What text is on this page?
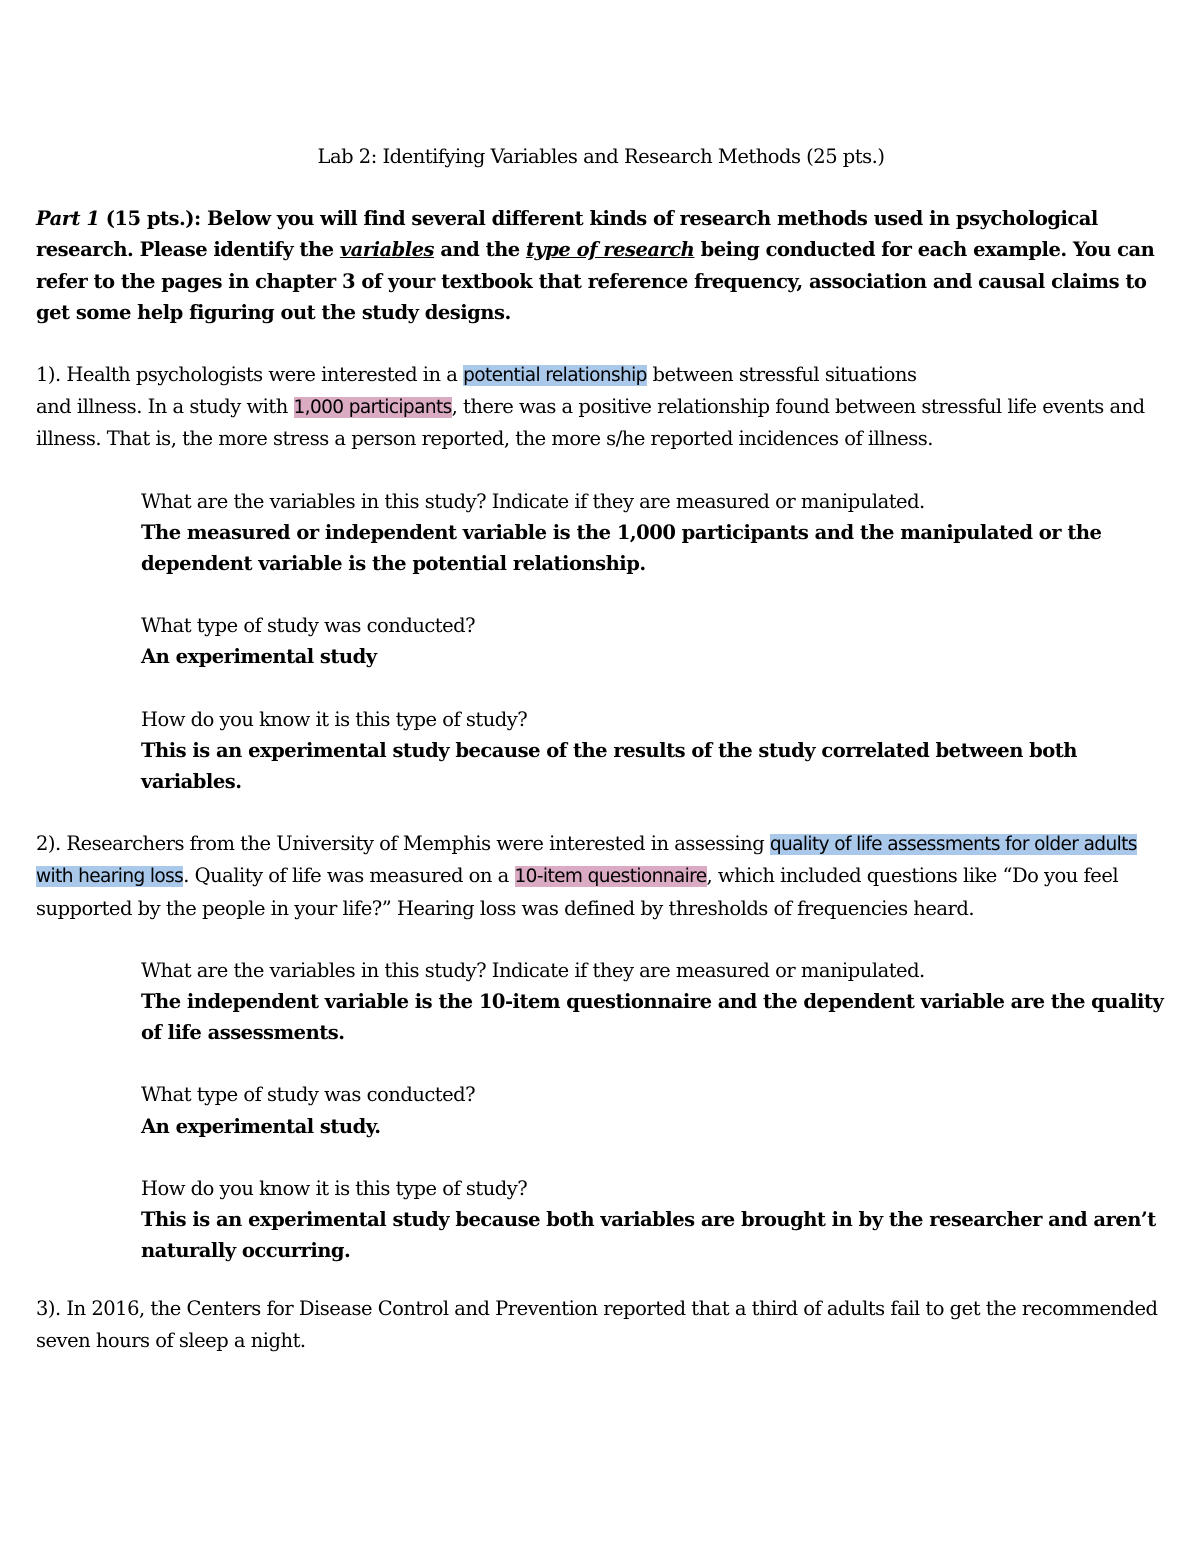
Lab 2: Identifying Variables and Research Methods (25 pts.)

Part 1 (15 pts.): Below you will find several different kinds of research methods used in psychological research. Please identify the variables and the type of research being conducted for each example. You can refer to the pages in chapter 3 of your textbook that reference frequency, association and causal claims to get some help figuring out the study designs.

1). Health psychologists were interested in a potential relationship between stressful situations

and illness. In a study with 1,000 participants, there was a positive relationship found between stressful life events and illness. That is, the more stress a person reported, the more s/he reported incidences of illness.

What are the variables in this study? Indicate if they are measured or manipulated.

The measured or independent variable is the 1,000 participants and the manipulated or the dependent variable is the potential relationship.

What type of study was conducted?

An experimental study

How do you know it is this type of study?

This is an experimental study because of the results of the study correlated between both variables.

2). Researchers from the University of Memphis were interested in assessing quality of life assessments for older adults with hearing loss. Quality of life was measured on a 10-item questionnaire, which included questions like “Do you feel supported by the people in your life?” Hearing loss was defined by thresholds of frequencies heard.

What are the variables in this study? Indicate if they are measured or manipulated.

The independent variable is the 10-item questionnaire and the dependent variable are the quality of life assessments.

What type of study was conducted?

An experimental study.

How do you know it is this type of study?

This is an experimental study because both variables are brought in by the researcher and aren’t naturally occurring.

3). In 2016, the Centers for Disease Control and Prevention reported that a third of adults fail to get the recommended seven hours of sleep a night.
